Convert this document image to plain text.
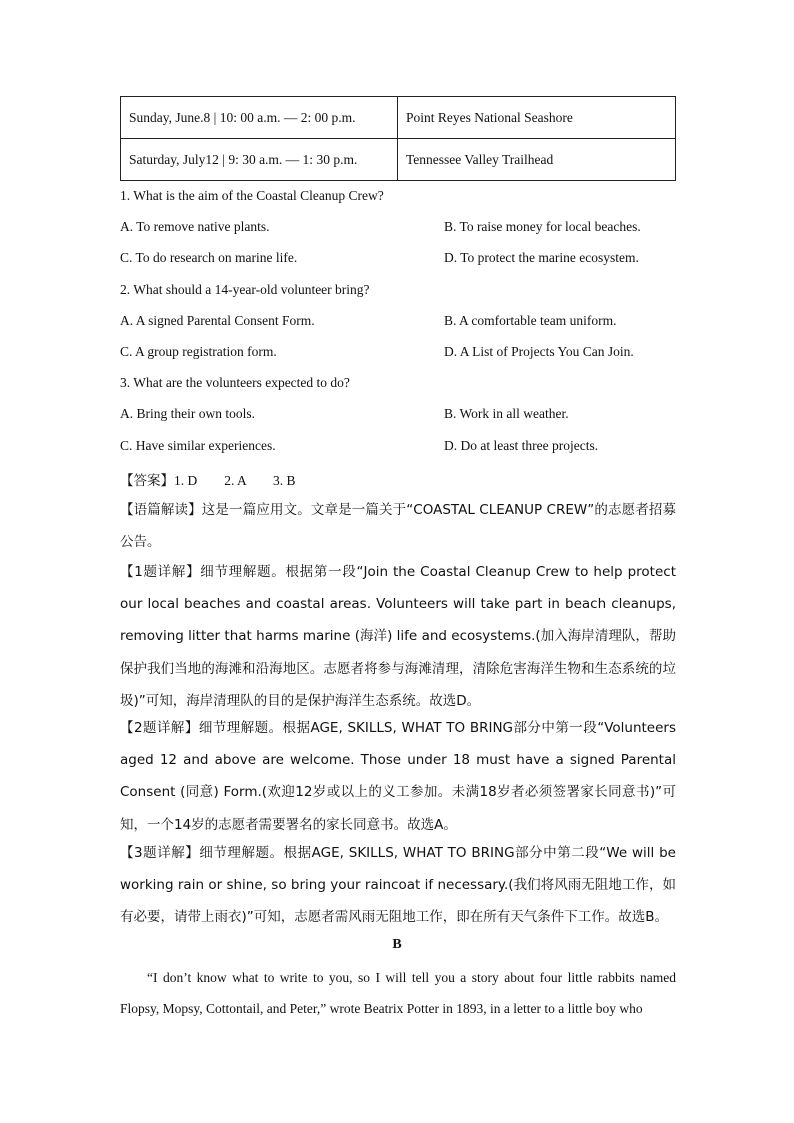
Sunday, June.8 | 10: 00 a.m. — 2: 00 p.m.	Point Reyes National Seashore
Saturday, July12 | 9: 30 a.m. — 1: 30 p.m.	Tennessee Valley Trailhead
1. What is the aim of the Coastal Cleanup Crew?
A. To remove native plants.	B. To raise money for local beaches.
C. To do research on marine life.	D. To protect the marine ecosystem.
2. What should a 14-year-old volunteer bring?
A. A signed Parental Consent Form.	B. A comfortable team uniform.
C. A group registration form.	D. A List of Projects You Can Join.
3. What are the volunteers expected to do?
A. Bring their own tools.	B. Work in all weather.
C. Have similar experiences.	D. Do at least three projects.
【答案】1. D        2. A        3. B
【语篇解读】这是一篇应用文。文章是一篇关于“COASTAL CLEANUP CREW”的志愿者招募公告。
【1题详解】细节理解题。根据第一段“Join the Coastal Cleanup Crew to help protect our local beaches and coastal areas. Volunteers will take part in beach cleanups, removing litter that harms marine (海洋) life and ecosystems.(加入海岸清理队，帮助保护我们当地的海滩和沿海地区。志愿者将参与海滩清理，清除危害海洋生物和生态系统的垃圾)”可知，海岸清理队的目的是保护海洋生态系统。故选D。
【2题详解】细节理解题。根据AGE, SKILLS, WHAT TO BRING部分中第一段“Volunteers aged 12 and above are welcome. Those under 18 must have a signed Parental Consent (同意) Form.(欢迎12岁或以上的义工参加。未满18岁者必须签署家长同意书)”可知，一个14岁的志愿者需要署名的家长同意书。故选A。
【3题详解】细节理解题。根据AGE, SKILLS, WHAT TO BRING部分中第二段“We will be working rain or shine, so bring your raincoat if necessary.(我们将风雨无阻地工作，如有必要，请带上雨衣)”可知，志愿者需风雨无阻地工作，即在所有天气条件下工作。故选B。
B
“I don’t know what to write to you, so I will tell you a story about four little rabbits named Flopsy, Mopsy, Cottontail, and Peter,” wrote Beatrix Potter in 1893, in a letter to a little boy who
